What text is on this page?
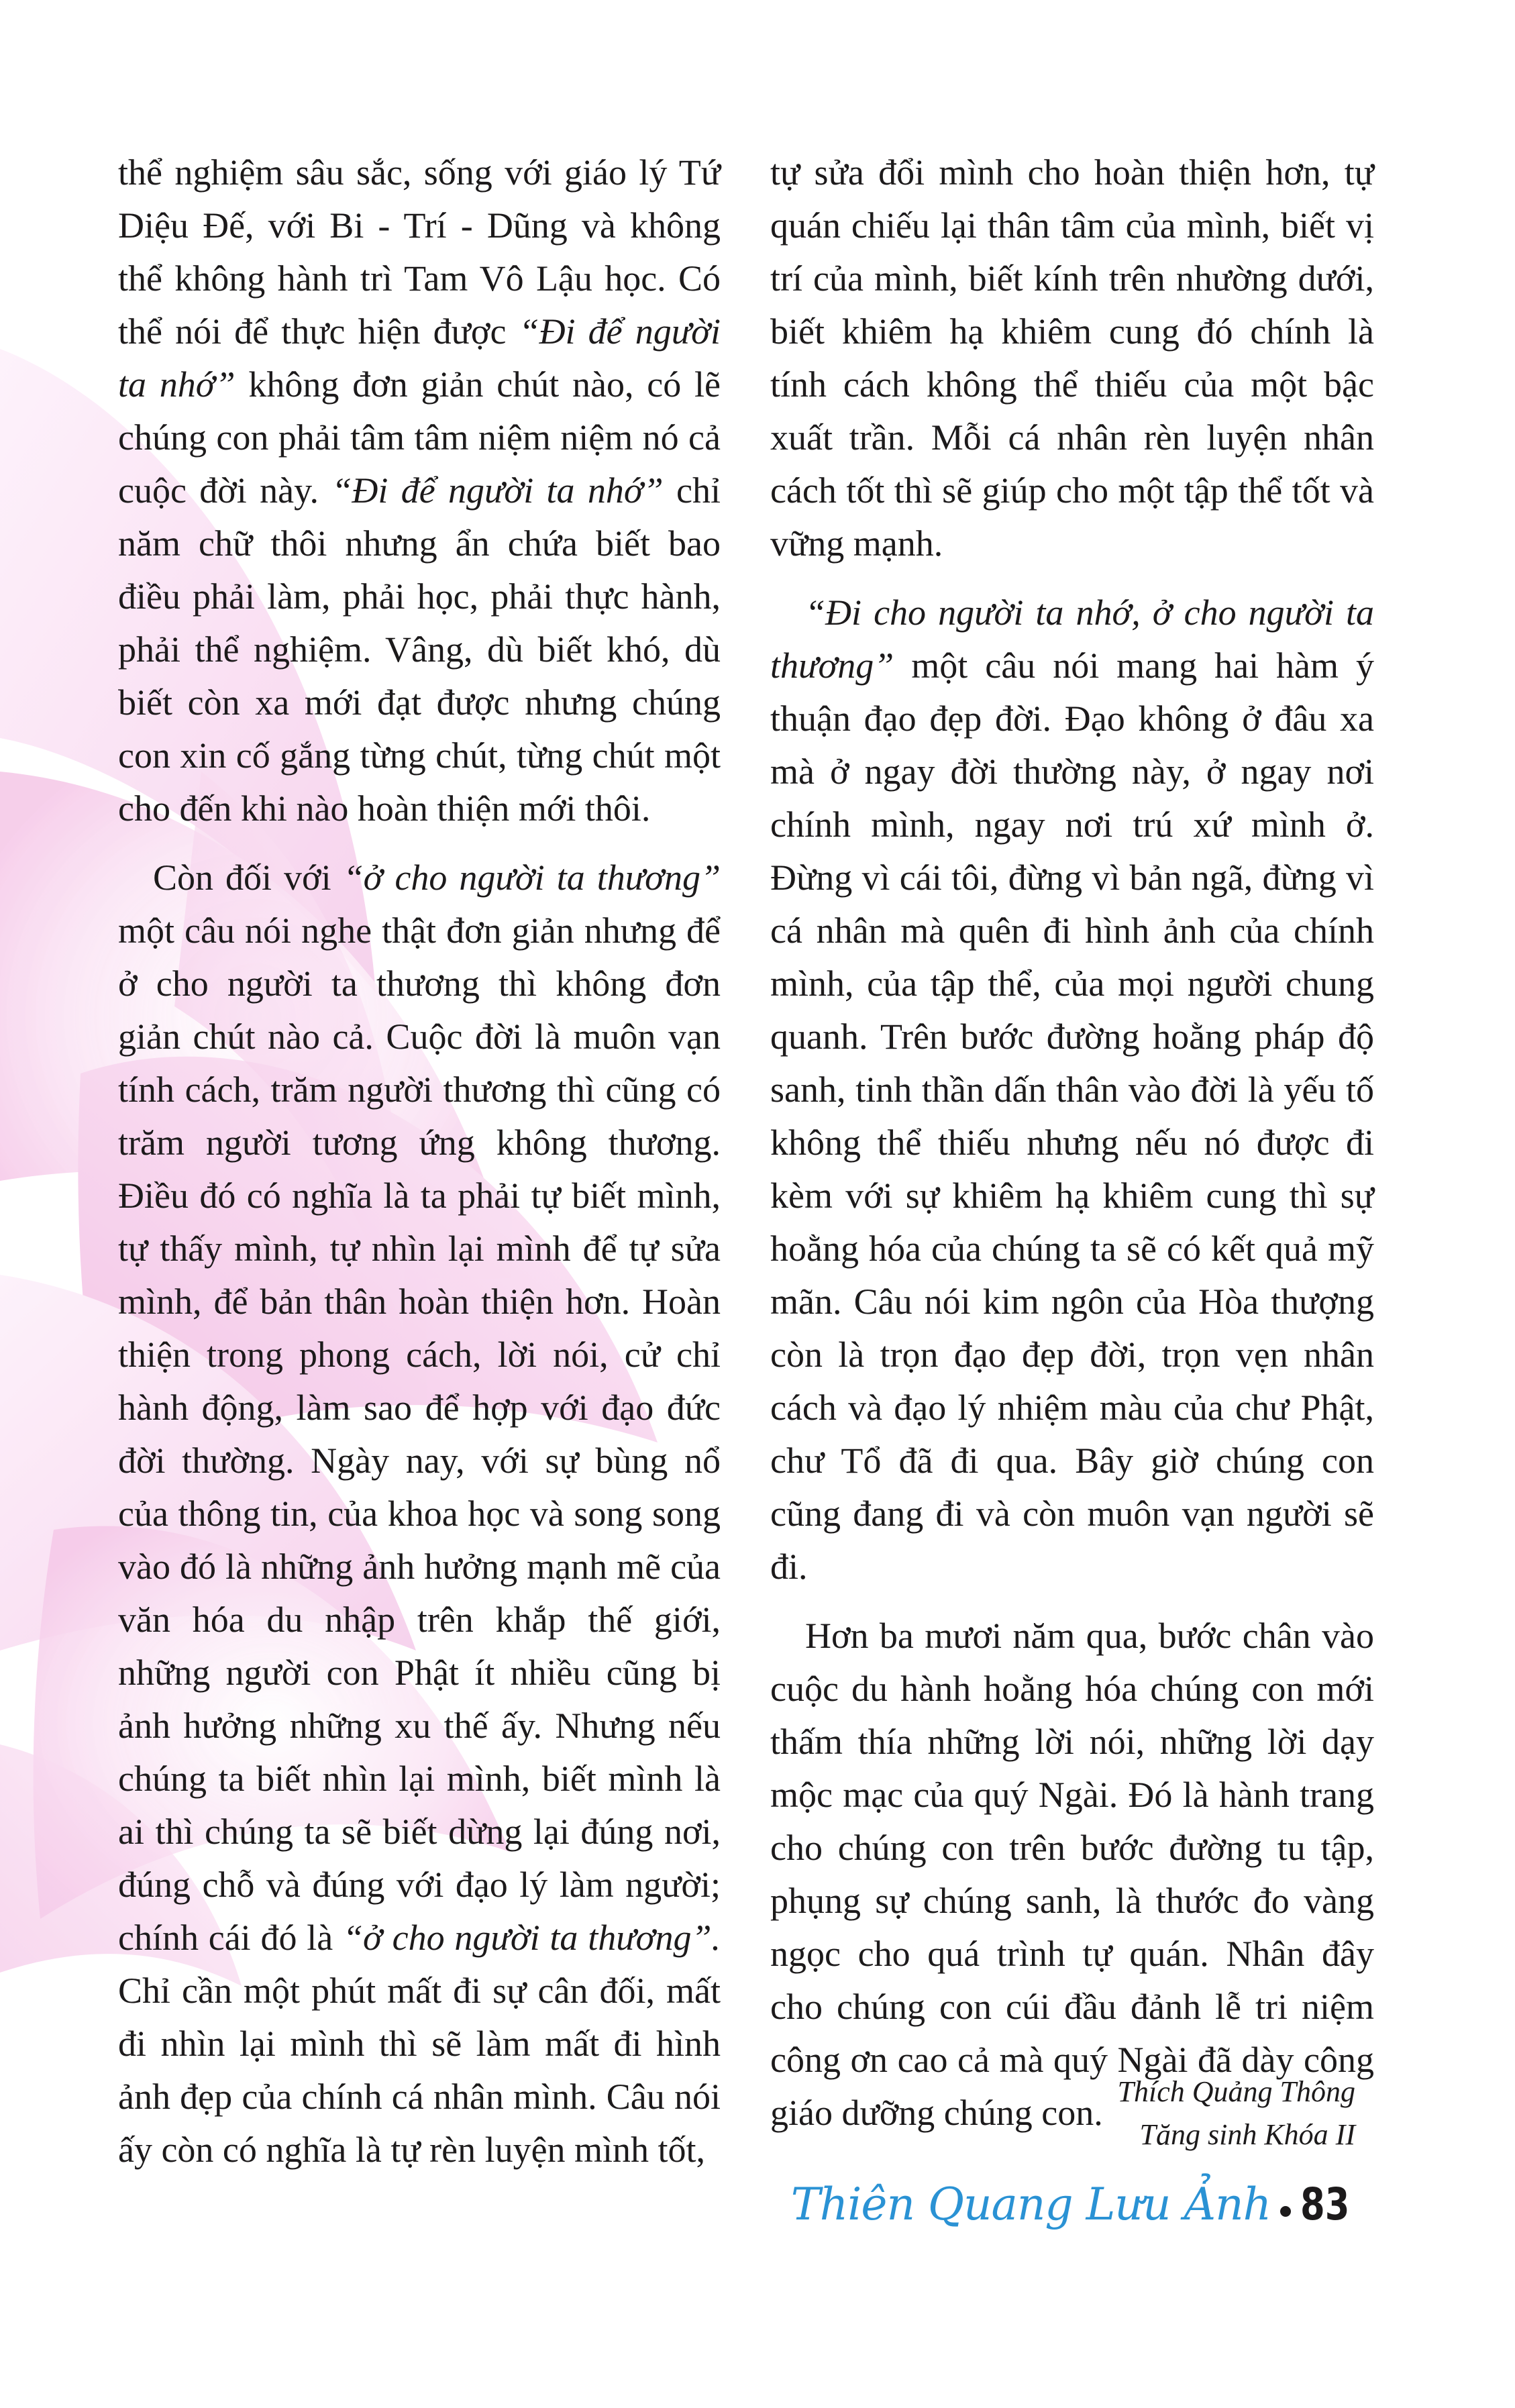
thể nghiệm sâu sắc, sống với giáo lý Tứ Diệu Đế, với Bi - Trí - Dũng và không thể không hành trì Tam Vô Lậu học. Có thể nói để thực hiện được “Đi để người ta nhớ” không đơn giản chút nào, có lẽ chúng con phải tâm tâm niệm niệm nó cả cuộc đời này. “Đi để người ta nhớ” chỉ năm chữ thôi nhưng ẩn chứa biết bao điều phải làm, phải học, phải thực hành, phải thể nghiệm. Vâng, dù biết khó, dù biết còn xa mới đạt được nhưng chúng con xin cố gắng từng chút, từng chút một cho đến khi nào hoàn thiện mới thôi.

Còn đối với “ở cho người ta thương” một câu nói nghe thật đơn giản nhưng để ở cho người ta thương thì không đơn giản chút nào cả. Cuộc đời là muôn vạn tính cách, trăm người thương thì cũng có trăm người tương ứng không thương. Điều đó có nghĩa là ta phải tự biết mình, tự thấy mình, tự nhìn lại mình để tự sửa mình, để bản thân hoàn thiện hơn. Hoàn thiện trong phong cách, lời nói, cử chỉ hành động, làm sao để hợp với đạo đức đời thường. Ngày nay, với sự bùng nổ của thông tin, của khoa học và song song vào đó là những ảnh hưởng mạnh mẽ của văn hóa du nhập trên khắp thế giới, những người con Phật ít nhiều cũng bị ảnh hưởng những xu thế ấy. Nhưng nếu chúng ta biết nhìn lại mình, biết mình là ai thì chúng ta sẽ biết dừng lại đúng nơi, đúng chỗ và đúng với đạo lý làm người; chính cái đó là “ở cho người ta thương”. Chỉ cần một phút mất đi sự cân đối, mất đi nhìn lại mình thì sẽ làm mất đi hình ảnh đẹp của chính cá nhân mình. Câu nói ấy còn có nghĩa là tự rèn luyện mình tốt,

tự sửa đổi mình cho hoàn thiện hơn, tự quán chiếu lại thân tâm của mình, biết vị trí của mình, biết kính trên nhường dưới, biết khiêm hạ khiêm cung đó chính là tính cách không thể thiếu của một bậc xuất trần. Mỗi cá nhân rèn luyện nhân cách tốt thì sẽ giúp cho một tập thể tốt và vững mạnh.

“Đi cho người ta nhớ, ở cho người ta thương” một câu nói mang hai hàm ý thuận đạo đẹp đời. Đạo không ở đâu xa mà ở ngay đời thường này, ở ngay nơi chính mình, ngay nơi trú xứ mình ở. Đừng vì cái tôi, đừng vì bản ngã, đừng vì cá nhân mà quên đi hình ảnh của chính mình, của tập thể, của mọi người chung quanh. Trên bước đường hoằng pháp độ sanh, tinh thần dấn thân vào đời là yếu tố không thể thiếu nhưng nếu nó được đi kèm với sự khiêm hạ khiêm cung thì sự hoằng hóa của chúng ta sẽ có kết quả mỹ mãn. Câu nói kim ngôn của Hòa thượng còn là trọn đạo đẹp đời, trọn vẹn nhân cách và đạo lý nhiệm màu của chư Phật, chư Tổ đã đi qua. Bây giờ chúng con cũng đang đi và còn muôn vạn người sẽ đi.

Hơn ba mươi năm qua, bước chân vào cuộc du hành hoằng hóa chúng con mới thấm thía những lời nói, những lời dạy mộc mạc của quý Ngài. Đó là hành trang cho chúng con trên bước đường tu tập, phụng sự chúng sanh, là thước đo vàng ngọc cho quá trình tự quán. Nhân đây cho chúng con cúi đầu đảnh lễ tri niệm công ơn cao cả mà quý Ngài đã dày công giáo dưỡng chúng con.

Thích Quảng Thông
Tăng sinh Khóa II
Thiên Quang Lưu Ảnh 83
